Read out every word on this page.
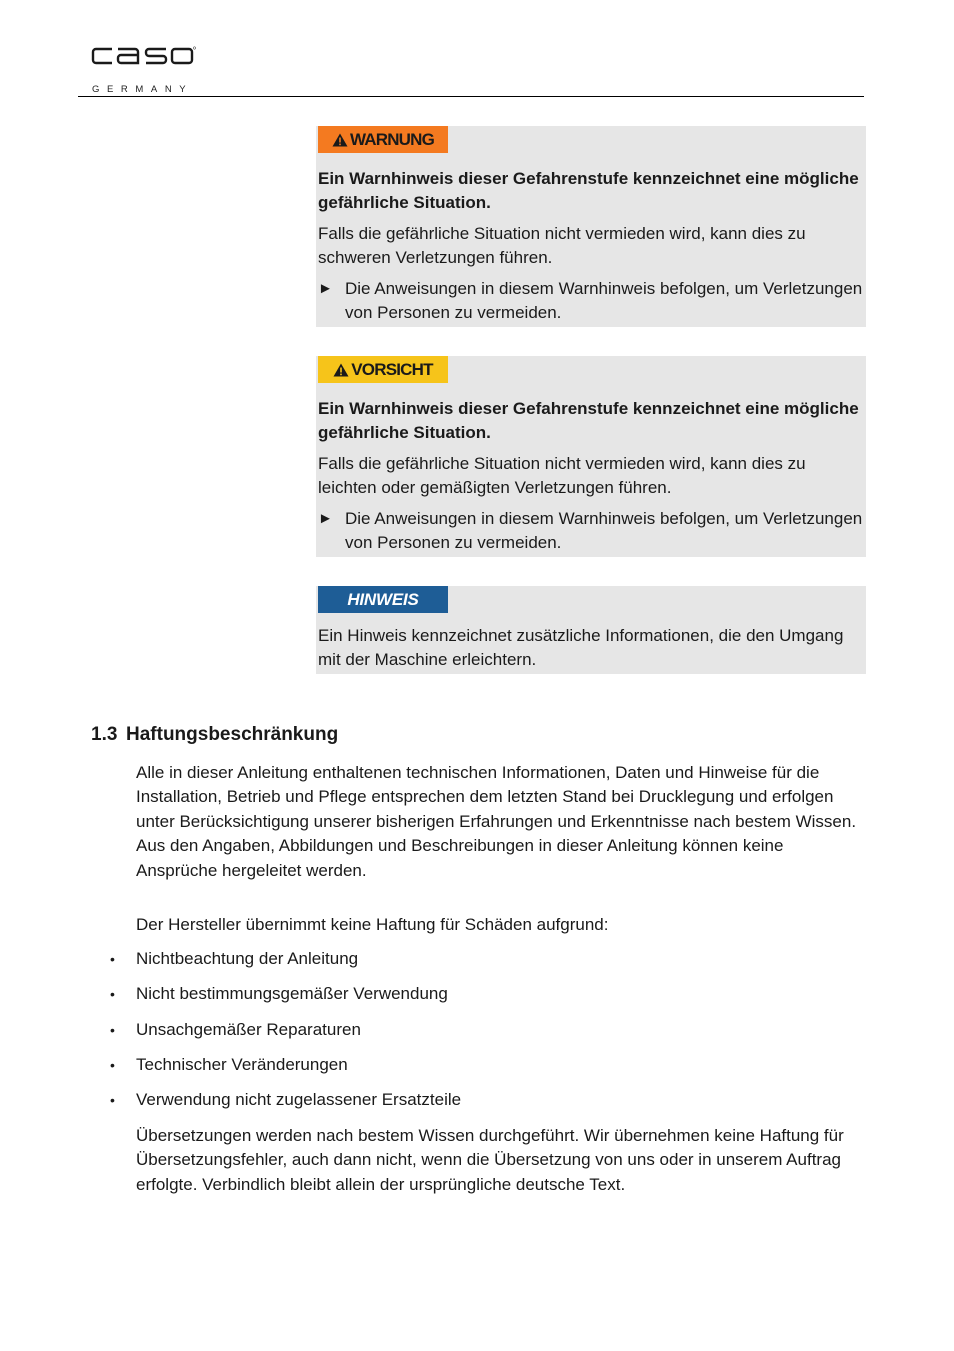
GERMANY
WARNUNG

Ein Warnhinweis dieser Gefahrenstufe kennzeichnet eine mögliche gefährliche Situation.

Falls die gefährliche Situation nicht vermieden wird, kann dies zu schweren Verletzungen führen.

► Die Anweisungen in diesem Warnhinweis befolgen, um Verletzungen von Personen zu vermeiden.
VORSICHT

Ein Warnhinweis dieser Gefahrenstufe kennzeichnet eine mögliche gefährliche Situation.

Falls die gefährliche Situation nicht vermieden wird, kann dies zu leichten oder gemäßigten Verletzungen führen.

► Die Anweisungen in diesem Warnhinweis befolgen, um Verletzungen von Personen zu vermeiden.
HINWEIS

Ein Hinweis kennzeichnet zusätzliche Informationen, die den Umgang mit der Maschine erleichtern.

1.3 Haftungsbeschränkung
Alle in dieser Anleitung enthaltenen technischen Informationen, Daten und Hinweise für die Installation, Betrieb und Pflege entsprechen dem letzten Stand bei Drucklegung und erfolgen unter Berücksichtigung unserer bisherigen Erfahrungen und Erkenntnisse nach bestem Wissen.
Aus den Angaben, Abbildungen und Beschreibungen in dieser Anleitung können keine Ansprüche hergeleitet werden.
Der Hersteller übernimmt keine Haftung für Schäden aufgrund:
•	Nichtbeachtung der Anleitung
•	Nicht bestimmungsgemäßer Verwendung
•	Unsachgemäßer Reparaturen
•	Technischer Veränderungen
•	Verwendung nicht zugelassener Ersatzteile
Übersetzungen werden nach bestem Wissen durchgeführt. Wir übernehmen keine Haftung für Übersetzungsfehler, auch dann nicht, wenn die Übersetzung von uns oder in unserem Auftrag erfolgte. Verbindlich bleibt allein der ursprüngliche deutsche Text.
